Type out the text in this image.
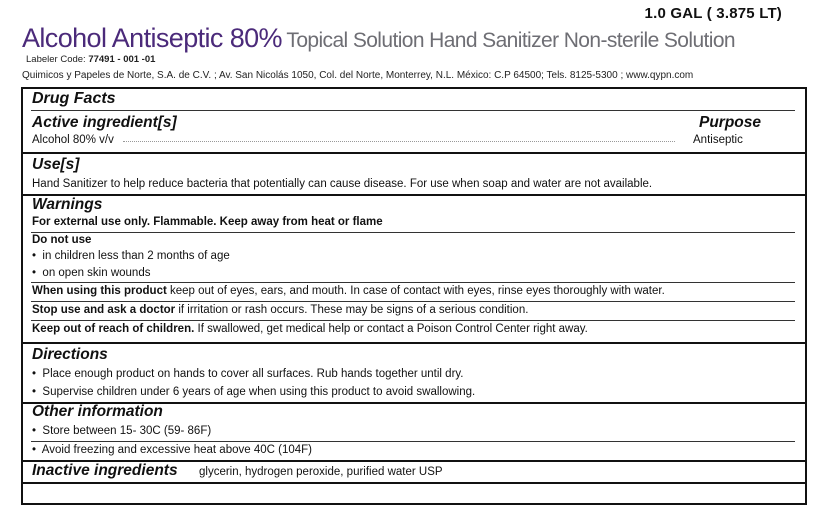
1.0 GAL ( 3.875 LT)
Alcohol Antiseptic 80% Topical Solution Hand Sanitizer Non-sterile Solution
Labeler Code: 77491 - 001 -01
Quimicos y Papeles de Norte, S.A. de C.V. ; Av. San Nicolás 1050, Col. del Norte, Monterrey, N.L. México: C.P 64500; Tels. 8125-5300 ; www.qypn.com
Drug Facts
Active ingredient[s]	Purpose
Alcohol 80% v/v	Antiseptic
Use[s]
Hand Sanitizer to help reduce bacteria that potentially can cause disease. For use when soap and water are not available.
Warnings
For external use only. Flammable. Keep away from heat or flame
Do not use
•  in children less than 2 months of age
•  on open skin wounds
When using this product keep out of eyes, ears, and mouth. In case of contact with eyes, rinse eyes thoroughly with water.
Stop use and ask a doctor if irritation or rash occurs. These may be signs of a serious condition.
Keep out of reach of children. If swallowed, get medical help or contact a Poison Control Center right away.
Directions
•  Place enough product on hands to cover all surfaces. Rub hands together until dry.
•  Supervise children under 6 years of age when using this product to avoid swallowing.
Other information
•  Store between 15- 30C (59- 86F)
•  Avoid freezing and excessive heat above 40C (104F)
Inactive ingredients glycerin, hydrogen peroxide, purified water USP
